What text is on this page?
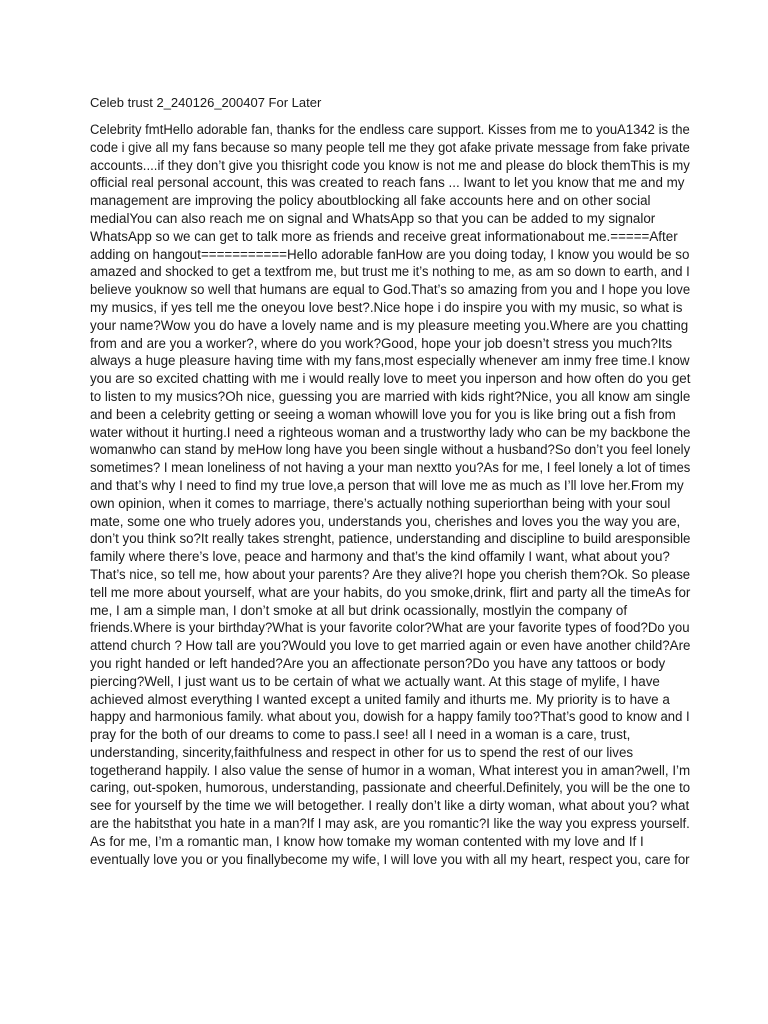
Celeb trust 2_240126_200407 For Later
Celebrity fmtHello adorable fan, thanks for the endless care support. Kisses from me to youA1342 is the
code i give all my fans because so many people tell me they got afake private message from fake private
accounts....if they don’t give you thisright code you know is not me and please do block themThis is my
official real personal account, this was created to reach fans ... Iwant to let you know that me and my
management are improving the policy aboutblocking all fake accounts here and on other social
medialYou can also reach me on signal and WhatsApp so that you can be added to my signalor
WhatsApp so we can get to talk more as friends and receive great informationabout me.=====After
adding on hangout===========Hello adorable fanHow are you doing today, I know you would be so
amazed and shocked to get a textfrom me, but trust me it’s nothing to me, as am so down to earth, and I
believe youknow so well that humans are equal to God.That’s so amazing from you and I hope you love
my musics, if yes tell me the oneyou love best?.Nice hope i do inspire you with my music, so what is
your name?Wow you do have a lovely name and is my pleasure meeting you.Where are you chatting
from and are you a worker?, where do you work?Good, hope your job doesn’t stress you much?Its
always a huge pleasure having time with my fans,most especially whenever am inmy free time.I know
you are so excited chatting with me i would really love to meet you inperson and how often do you get
to listen to my musics?Oh nice, guessing you are married with kids right?Nice, you all know am single
and been a celebrity getting or seeing a woman whowill love you for you is like bring out a fish from
water without it hurting.I need a righteous woman and a trustworthy lady who can be my backbone the
womanwho can stand by meHow long have you been single without a husband?So don’t you feel lonely
sometimes? I mean loneliness of not having a your man nextto you?As for me, I feel lonely a lot of times
and that’s why I need to find my true love,a person that will love me as much as I’ll love her.From my
own opinion, when it comes to marriage, there’s actually nothing superiorthan being with your soul
mate, some one who truely adores you, understands you, cherishes and loves you the way you are,
don’t you think so?It really takes strenght, patience, understanding and discipline to build aresponsible
family where there’s love, peace and harmony and that’s the kind offamily I want, what about you?
That’s nice, so tell me, how about your parents? Are they alive?I hope you cherish them?Ok. So please
tell me more about yourself, what are your habits, do you smoke,drink, flirt and party all the timeAs for
me, I am a simple man, I don’t smoke at all but drink ocassionally, mostlyin the company of
friends.Where is your birthday?What is your favorite color?What are your favorite types of food?Do you
attend church ? How tall are you?Would you love to get married again or even have another child?Are
you right handed or left handed?Are you an affectionate person?Do you have any tattoos or body
piercing?Well, I just want us to be certain of what we actually want. At this stage of mylife, I have
achieved almost everything I wanted except a united family and ithurts me. My priority is to have a
happy and harmonious family. what about you, dowish for a happy family too?That’s good to know and I
pray for the both of our dreams to come to pass.I see! all I need in a woman is a care, trust,
understanding, sincerity,faithfulness and respect in other for us to spend the rest of our lives
togetherand happily. I also value the sense of humor in a woman, What interest you in aman?well, I’m
caring, out-spoken, humorous, understanding, passionate and cheerful.Definitely, you will be the one to
see for yourself by the time we will betogether. I really don’t like a dirty woman, what about you? what
are the habitsthat you hate in a man?If I may ask, are you romantic?I like the way you express yourself.
As for me, I’m a romantic man, I know how tomake my woman contented with my love and If I
eventually love you or you finallybecome my wife, I will love you with all my heart, respect you, care for
